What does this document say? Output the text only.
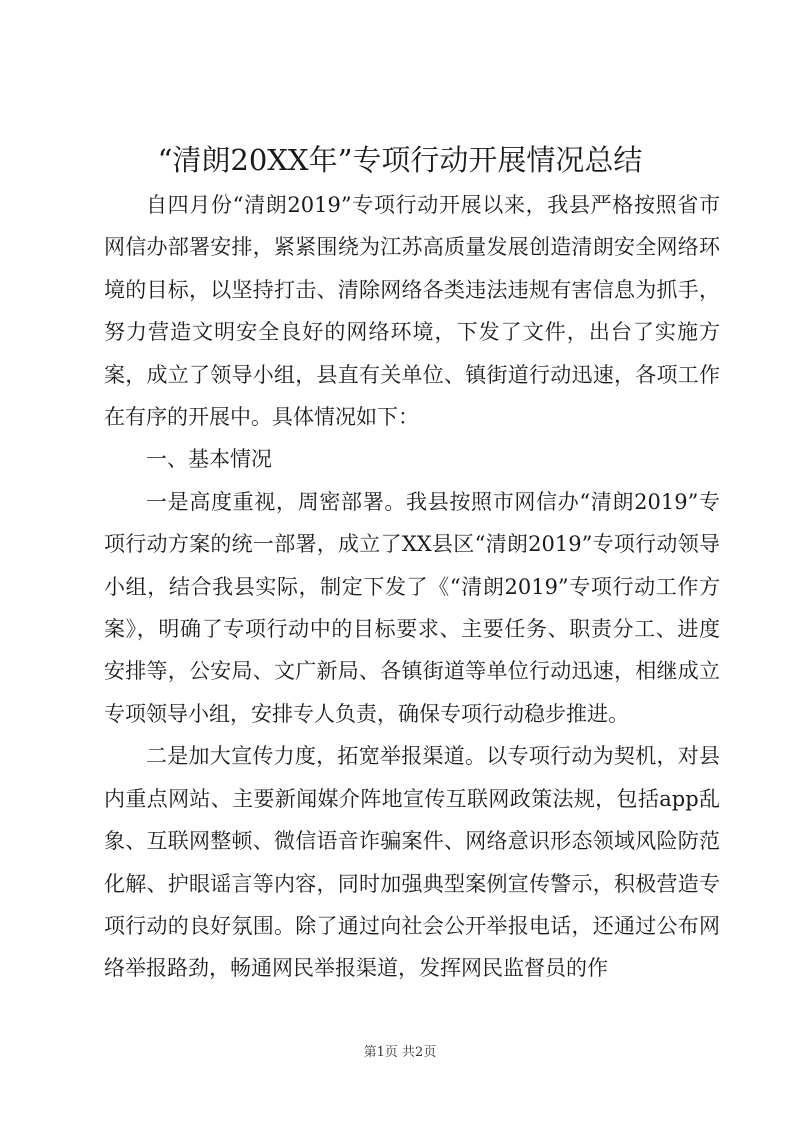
“清朗20XX年”专项行动开展情况总结

自四月份“清朗2019”专项行动开展以来，我县严格按照省市网信办部署安排，紧紧围绕为江苏高质量发展创造清朗安全网络环境的目标，以坚持打击、清除网络各类违法违规有害信息为抓手，努力营造文明安全良好的网络环境，下发了文件，出台了实施方案，成立了领导小组，县直有关单位、镇街道行动迅速，各项工作在有序的开展中。具体情况如下：

一、基本情况

一是高度重视，周密部署。我县按照市网信办“清朗2019”专项行动方案的统一部署，成立了XX县区“清朗2019”专项行动领导小组，结合我县实际，制定下发了《“清朗2019”专项行动工作方案》，明确了专项行动中的目标要求、主要任务、职责分工、进度安排等，公安局、文广新局、各镇街道等单位行动迅速，相继成立专项领导小组，安排专人负责，确保专项行动稳步推进。

二是加大宣传力度，拓宽举报渠道。以专项行动为契机，对县内重点网站、主要新闻媒介阵地宣传互联网政策法规，包括app乱象、互联网整顿、微信语音诈骗案件、网络意识形态领域风险防范化解、护眼谣言等内容，同时加强典型案例宣传警示，积极营造专项行动的良好氛围。除了通过向社会公开举报电话，还通过公布网络举报路劲，畅通网民举报渠道，发挥网民监督员的作

第1页 共2页
